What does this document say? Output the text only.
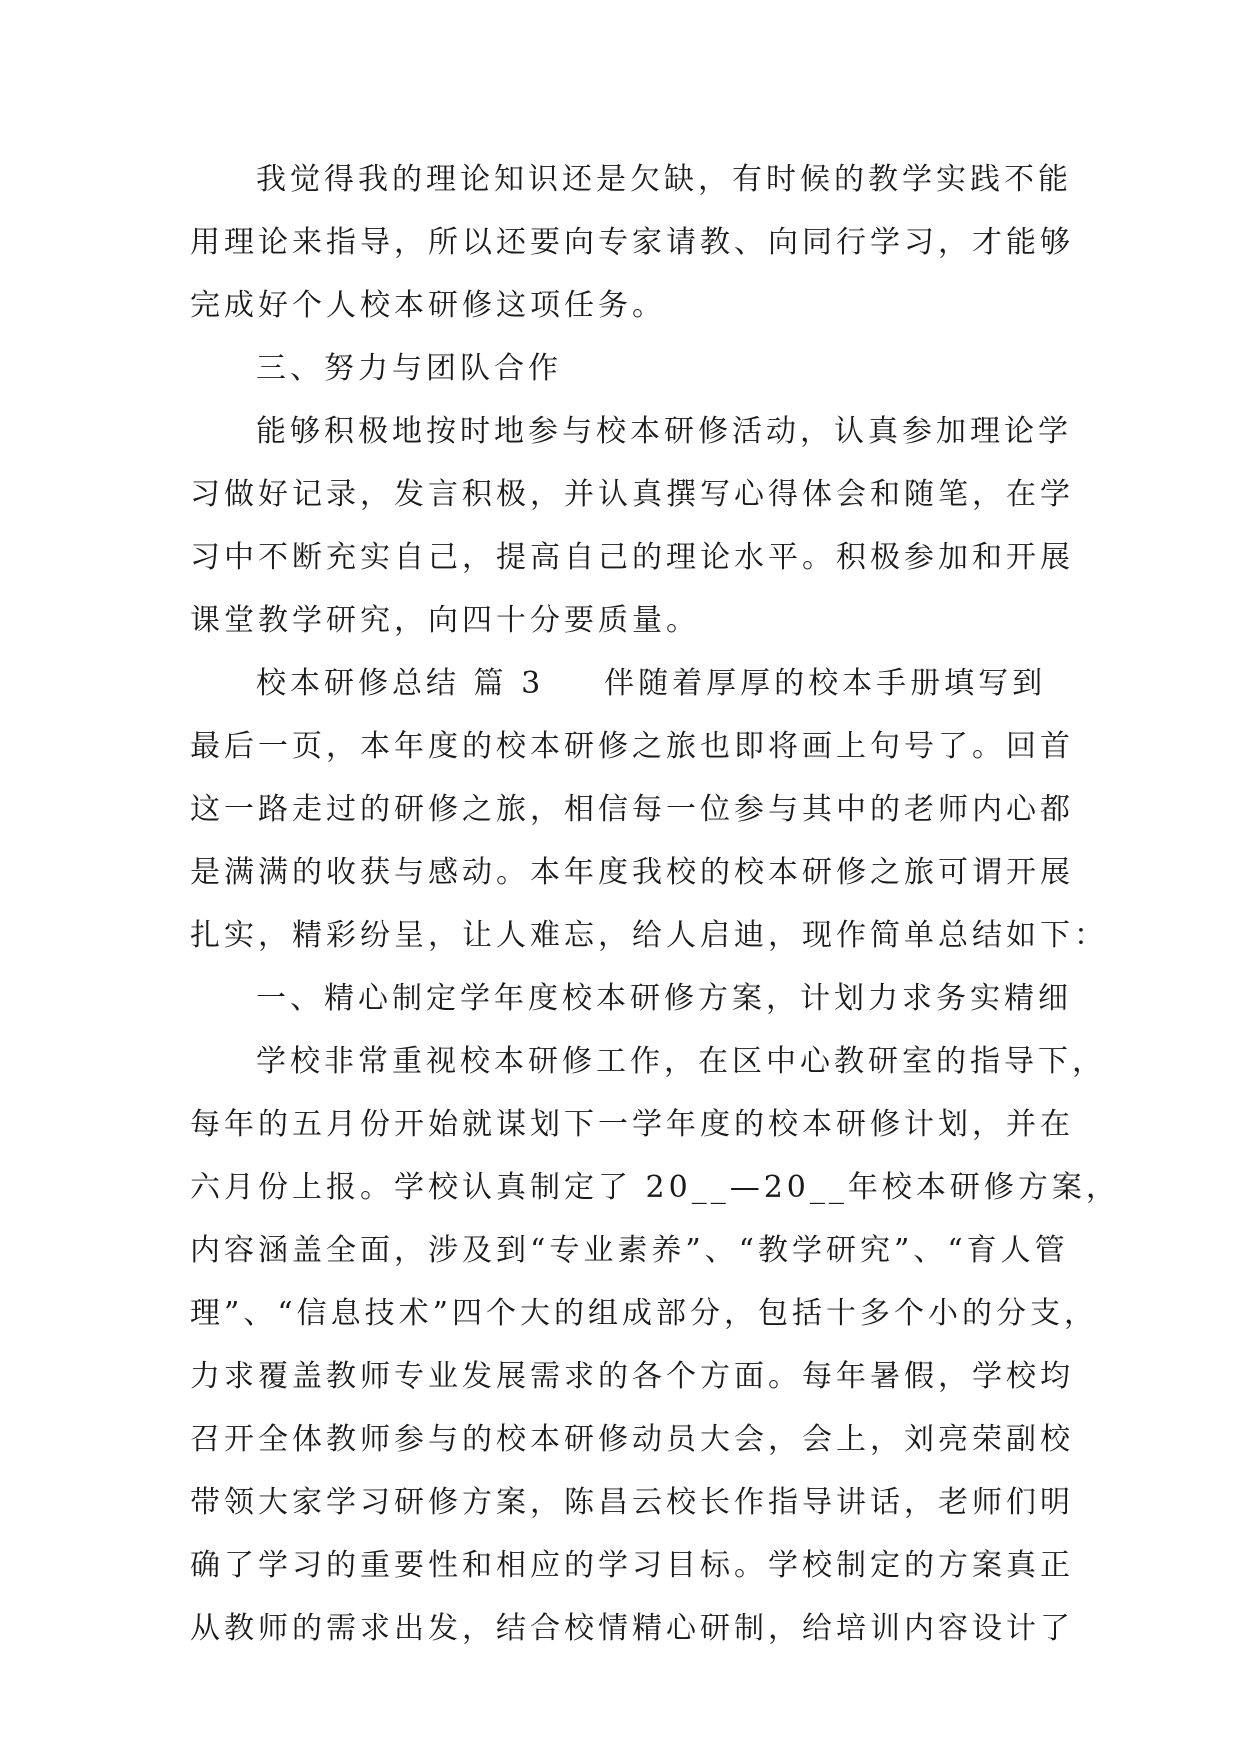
我觉得我的理论知识还是欠缺，有时候的教学实践不能
用理论来指导，所以还要向专家请教、向同行学习，才能够
完成好个人校本研修这项任务。
三、努力与团队合作
能够积极地按时地参与校本研修活动，认真参加理论学
习做好记录，发言积极，并认真撰写心得体会和随笔，在学
习中不断充实自己，提高自己的理论水平。积极参加和开展
课堂教学研究，向四十分要质量。
校本研修总结 篇 3 伴随着厚厚的校本手册填写到
最后一页，本年度的校本研修之旅也即将画上句号了。回首
这一路走过的研修之旅，相信每一位参与其中的老师内心都
是满满的收获与感动。本年度我校的校本研修之旅可谓开展
扎实，精彩纷呈，让人难忘，给人启迪，现作简单总结如下：
一、精心制定学年度校本研修方案，计划力求务实精细
学校非常重视校本研修工作，在区中心教研室的指导下，
每年的五月份开始就谋划下一学年度的校本研修计划，并在
六月份上报。学校认真制定了 20__—20__年校本研修方案，
内容涵盖全面，涉及到“专业素养”、“教学研究”、“育人管
理”、“信息技术”四个大的组成部分，包括十多个小的分支，
力求覆盖教师专业发展需求的各个方面。每年暑假，学校均
召开全体教师参与的校本研修动员大会，会上，刘亮荣副校
带领大家学习研修方案，陈昌云校长作指导讲话，老师们明
确了学习的重要性和相应的学习目标。学校制定的方案真正
从教师的需求出发，结合校情精心研制，给培训内容设计了
